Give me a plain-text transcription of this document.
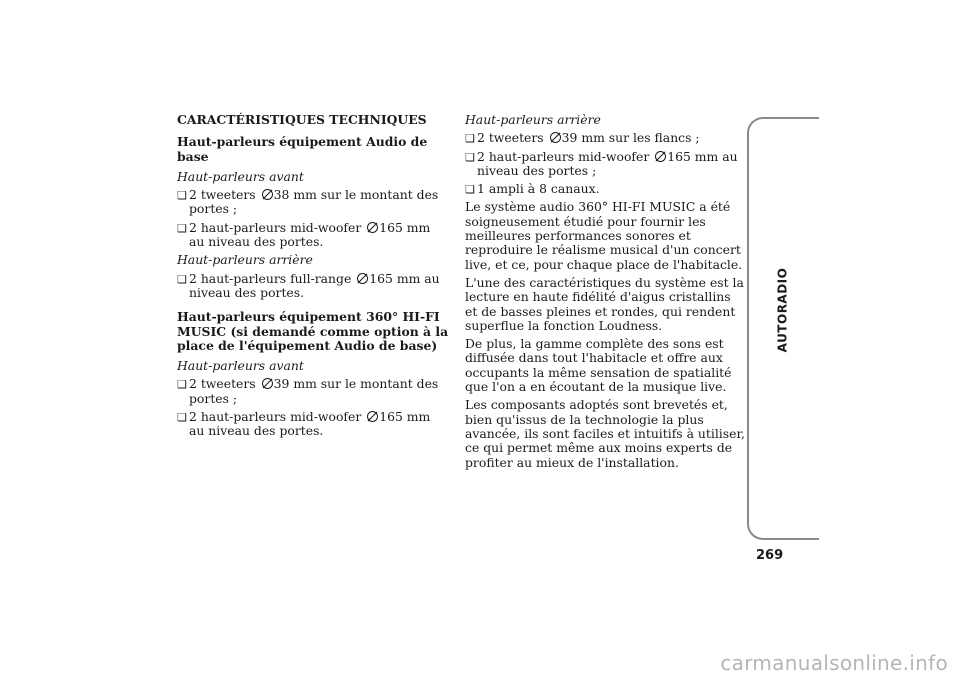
CARACTÉRISTIQUES TECHNIQUES
Haut-parleurs équipement Audio de base
Haut-parleurs avant
❑
2 tweeters 38 mm sur le montant des portes ;
❑
2 haut-parleurs mid-woofer 165 mm au niveau des portes.
Haut-parleurs arrière
❑
2 haut-parleurs full-range 165 mm au niveau des portes.
Haut-parleurs équipement 360° HI-FI MUSIC (si demandé comme option à la place de l'équipement Audio de base)
Haut-parleurs avant
❑
2 tweeters 39 mm sur le montant des portes ;
❑
2 haut-parleurs mid-woofer 165 mm au niveau des portes.
Haut-parleurs arrière
❑
2 tweeters 39 mm sur les flancs ;
❑
2 haut-parleurs mid-woofer 165 mm au niveau des portes ;
❑
1 ampli à 8 canaux.
Le système audio 360° HI-FI MUSIC a été soigneusement étudié pour fournir les meilleures performances sonores et reproduire le réalisme musical d'un concert live, et ce, pour chaque place de l'habitacle.
L'une des caractéristiques du système est la lecture en haute fidélité d'aigus cristallins et de basses pleines et rondes, qui rendent superflue la fonction Loudness.
De plus, la gamme complète des sons est diffusée dans tout l'habitacle et offre aux occupants la même sensation de spatialité que l'on a en écoutant de la musique live.
Les composants adoptés sont brevetés et, bien qu'issus de la technologie la plus avancée, ils sont faciles et intuitifs à utiliser, ce qui permet même aux moins experts de profiter au mieux de l'installation.
AUTORADIO
269
carmanualsonline.info
